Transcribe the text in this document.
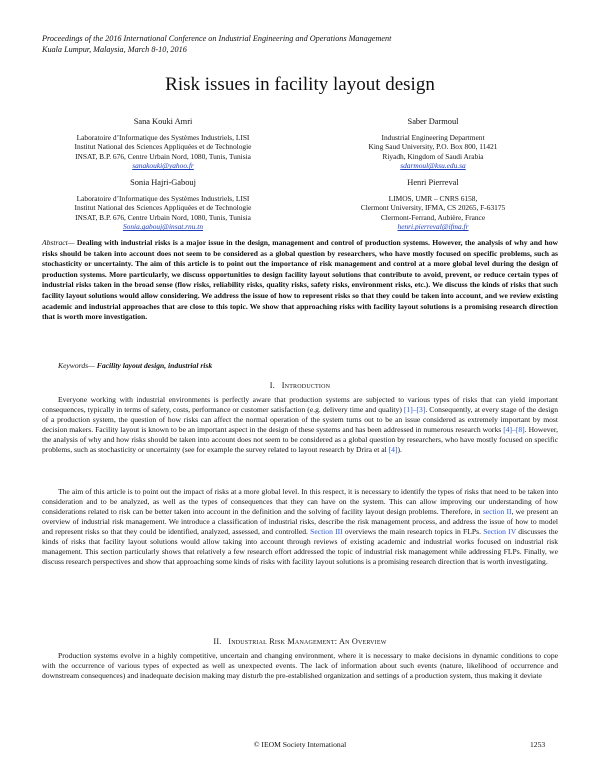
Proceedings of the 2016 International Conference on Industrial Engineering and Operations Management
Kuala Lumpur, Malaysia, March 8-10, 2016
Risk issues in facility layout design
Sana Kouki Amri
Laboratoire d’Informatique des Systèmes Industriels, LISI
Institut National des Sciences Appliquées et de Technologie
INSAT, B.P. 676, Centre Urbain Nord, 1080, Tunis, Tunisia
sanakouki@yahoo.fr
Saber Darmoul
Industrial Engineering Department
King Saud University, P.O. Box 800, 11421
Riyadh, Kingdom of Saudi Arabia
sdarmoul@ksu.edu.sa
Sonia Hajri-Gabouj
Laboratoire d’Informatique des Systèmes Industriels, LISI
Institut National des Sciences Appliquées et de Technologie
INSAT, B.P. 676, Centre Urbain Nord, 1080, Tunis, Tunisia
Sonia.gabouj@insat.rnu.tn
Henri Pierreval
LIMOS, UMR – CNRS 6158,
Clermont University, IFMA, CS 20265, F-63175
Clermont-Ferrand, Aubière, France
henri.pierreval@ifma.fr
Abstract— Dealing with industrial risks is a major issue in the design, management and control of production systems. However, the analysis of why and how risks should be taken into account does not seem to be considered as a global question by researchers, who have mostly focused on specific problems, such as stochasticity or uncertainty. The aim of this article is to point out the importance of risk management and control at a more global level during the design of production systems. More particularly, we discuss opportunities to design facility layout solutions that contribute to avoid, prevent, or reduce certain types of industrial risks taken in the broad sense (flow risks, reliability risks, quality risks, safety risks, environment risks, etc.). We discuss the kinds of risks that such facility layout solutions would allow considering. We address the issue of how to represent risks so that they could be taken into account, and we review existing academic and industrial approaches that are close to this topic. We show that approaching risks with facility layout solutions is a promising research direction that is worth more investigation.
Keywords— Facility layout design, industrial risk
I. Introduction
Everyone working with industrial environments is perfectly aware that production systems are subjected to various types of risks that can yield important consequences, typically in terms of safety, costs, performance or customer satisfaction (e.g. delivery time and quality) [1]–[3]. Consequently, at every stage of the design of a production system, the question of how risks can affect the normal operation of the system turns out to be an issue considered as extremely important by most decision makers. Facility layout is known to be an important aspect in the design of these systems and has been addressed in numerous research works [4]–[8]. However, the analysis of why and how risks should be taken into account does not seem to be considered as a global question by researchers, who have mostly focused on specific problems, such as stochasticity or uncertainty (see for example the survey related to layout research by Drira et al [4]).
The aim of this article is to point out the impact of risks at a more global level. In this respect, it is necessary to identify the types of risks that need to be taken into consideration and to be analyzed, as well as the types of consequences that they can have on the system. This can allow improving our understanding of how considerations related to risk can be better taken into account in the definition and the solving of facility layout design problems. Therefore, in section II, we present an overview of industrial risk management. We introduce a classification of industrial risks, describe the risk management process, and address the issue of how to model and represent risks so that they could be identified, analyzed, assessed, and controlled. Section III overviews the main research topics in FLPs. Section IV discusses the kinds of risks that facility layout solutions would allow taking into account through reviews of existing academic and industrial works focused on industrial risk management. This section particularly shows that relatively a few research effort addressed the topic of industrial risk management while addressing FLPs. Finally, we discuss research perspectives and show that approaching some kinds of risks with facility layout solutions is a promising research direction that is worth investigating.
II. Industrial Risk Management: An Overview
Production systems evolve in a highly competitive, uncertain and changing environment, where it is necessary to make decisions in dynamic conditions to cope with the occurrence of various types of expected as well as unexpected events. The lack of information about such events (nature, likelihood of occurrence and downstream consequences) and inadequate decision making may disturb the pre-established organization and settings of a production system, thus making it deviate
© IEOM Society International	1253
